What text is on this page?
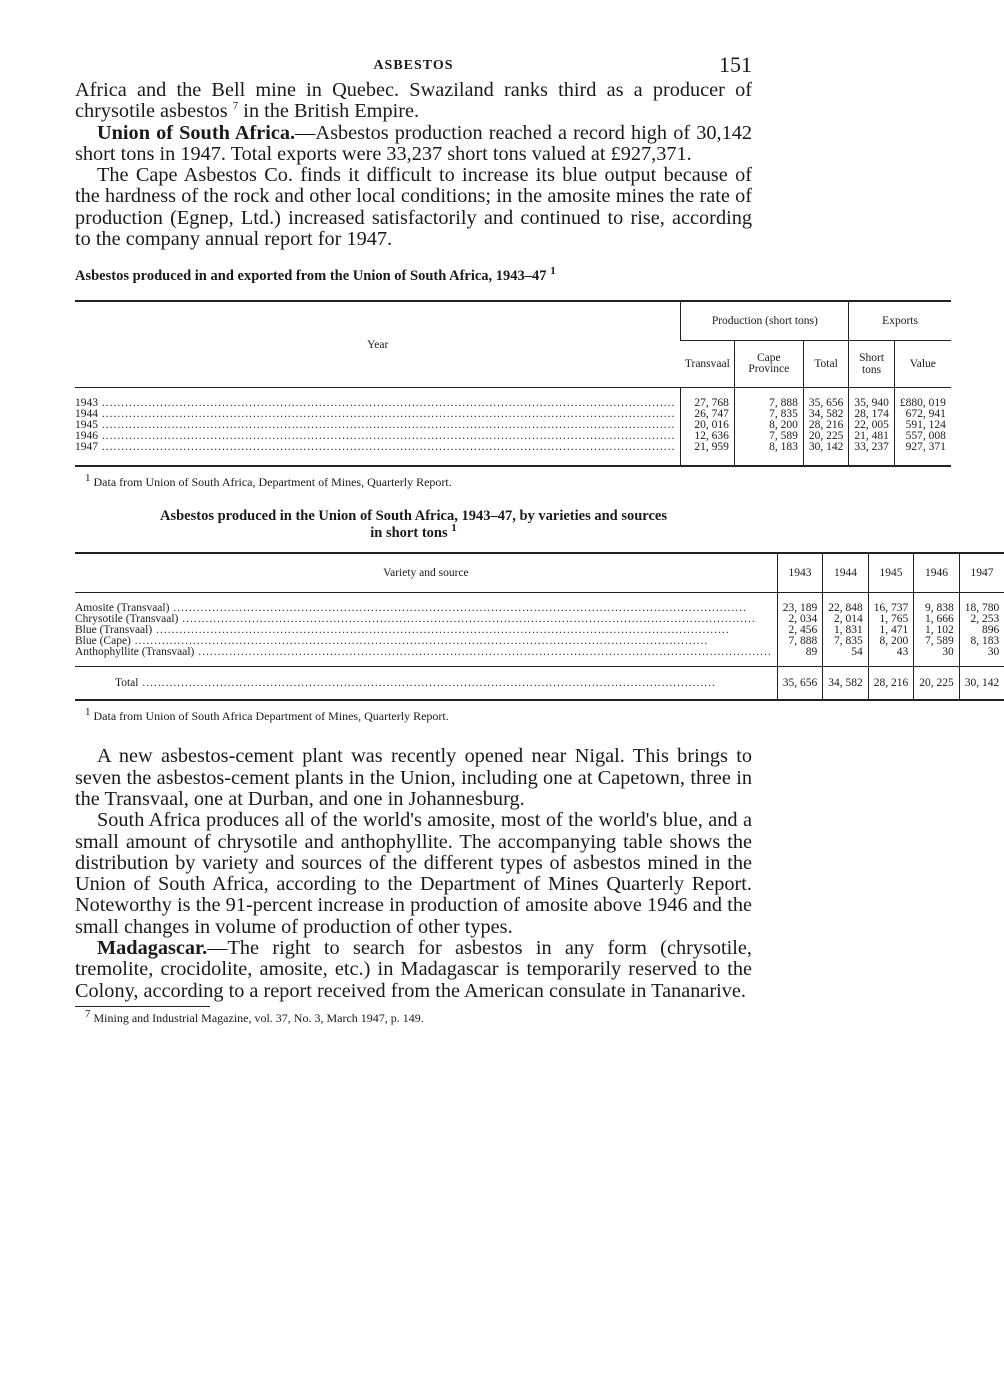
ASBESTOS	151

Africa and the Bell mine in Quebec. Swaziland ranks third as a producer of chrysotile asbestos $^7$ in the British Empire.

Union of South Africa.—Asbestos production reached a record high of 30,142 short tons in 1947. Total exports were 33,237 short tons valued at £927,371.

The Cape Asbestos Co. finds it difficult to increase its blue output because of the hardness of the rock and other local conditions; in the amosite mines the rate of production (Egnep, Ltd.) increased satisfactorily and continued to rise, according to the company annual report for 1947.

Asbestos produced in and exported from the Union of South Africa, 1943–47 $^1$
Year	Production (short tons)			Exports	
	Transvaal	Cape Province	Total	Short tons	Value

1943 .....	27, 768	7, 888	35, 656	35, 940	£880, 019
1944 .....	26, 747	7, 835	34, 582	28, 174	672, 941
1945 .....	20, 016	8, 200	28, 216	22, 005	591, 124
1946 .....	12, 636	7, 589	20, 225	21, 481	557, 008
1947 .....	21, 959	8, 183	30, 142	33, 237	927, 371

1 Data from Union of South Africa, Department of Mines, Quarterly Report.
Asbestos produced in the Union of South Africa, 1943–47, by varieties and sources
in short tons $^1$
Variety and source	1943	1944	1945	1946	1947

Amosite (Transvaal) .....	23, 189	22, 848	16, 737	9, 838	18, 780
Chrysotile (Transvaal) .....	2, 034	2, 014	1, 765	1, 666	2, 253
Blue (Transvaal) .....	2, 456	1, 831	1, 471	1, 102	896
Blue (Cape) .....	7, 888	7, 835	8, 200	7, 589	8, 183
Anthophyllite (Transvaal) .....	89	54	43	30	30

Total .....	35, 656	34, 582	28, 216	20, 225	30, 142
1 Data from Union of South Africa Department of Mines, Quarterly Report.

A new asbestos-cement plant was recently opened near Nigal. This brings to seven the asbestos-cement plants in the Union, including one at Capetown, three in the Transvaal, one at Durban, and one in Johannesburg.

South Africa produces all of the world's amosite, most of the world's blue, and a small amount of chrysotile and anthophyllite. The accompanying table shows the distribution by variety and sources of the different types of asbestos mined in the Union of South Africa, according to the Department of Mines Quarterly Report. Noteworthy is the 91-percent increase in production of amosite above 1946 and the small changes in volume of production of other types.

Madagascar.—The right to search for asbestos in any form (chrysotile, tremolite, crocidolite, amosite, etc.) in Madagascar is temporarily reserved to the Colony, according to a report received from the American consulate in Tananarive.

7 Mining and Industrial Magazine, vol. 37, No. 3, March 1947, p. 149.
